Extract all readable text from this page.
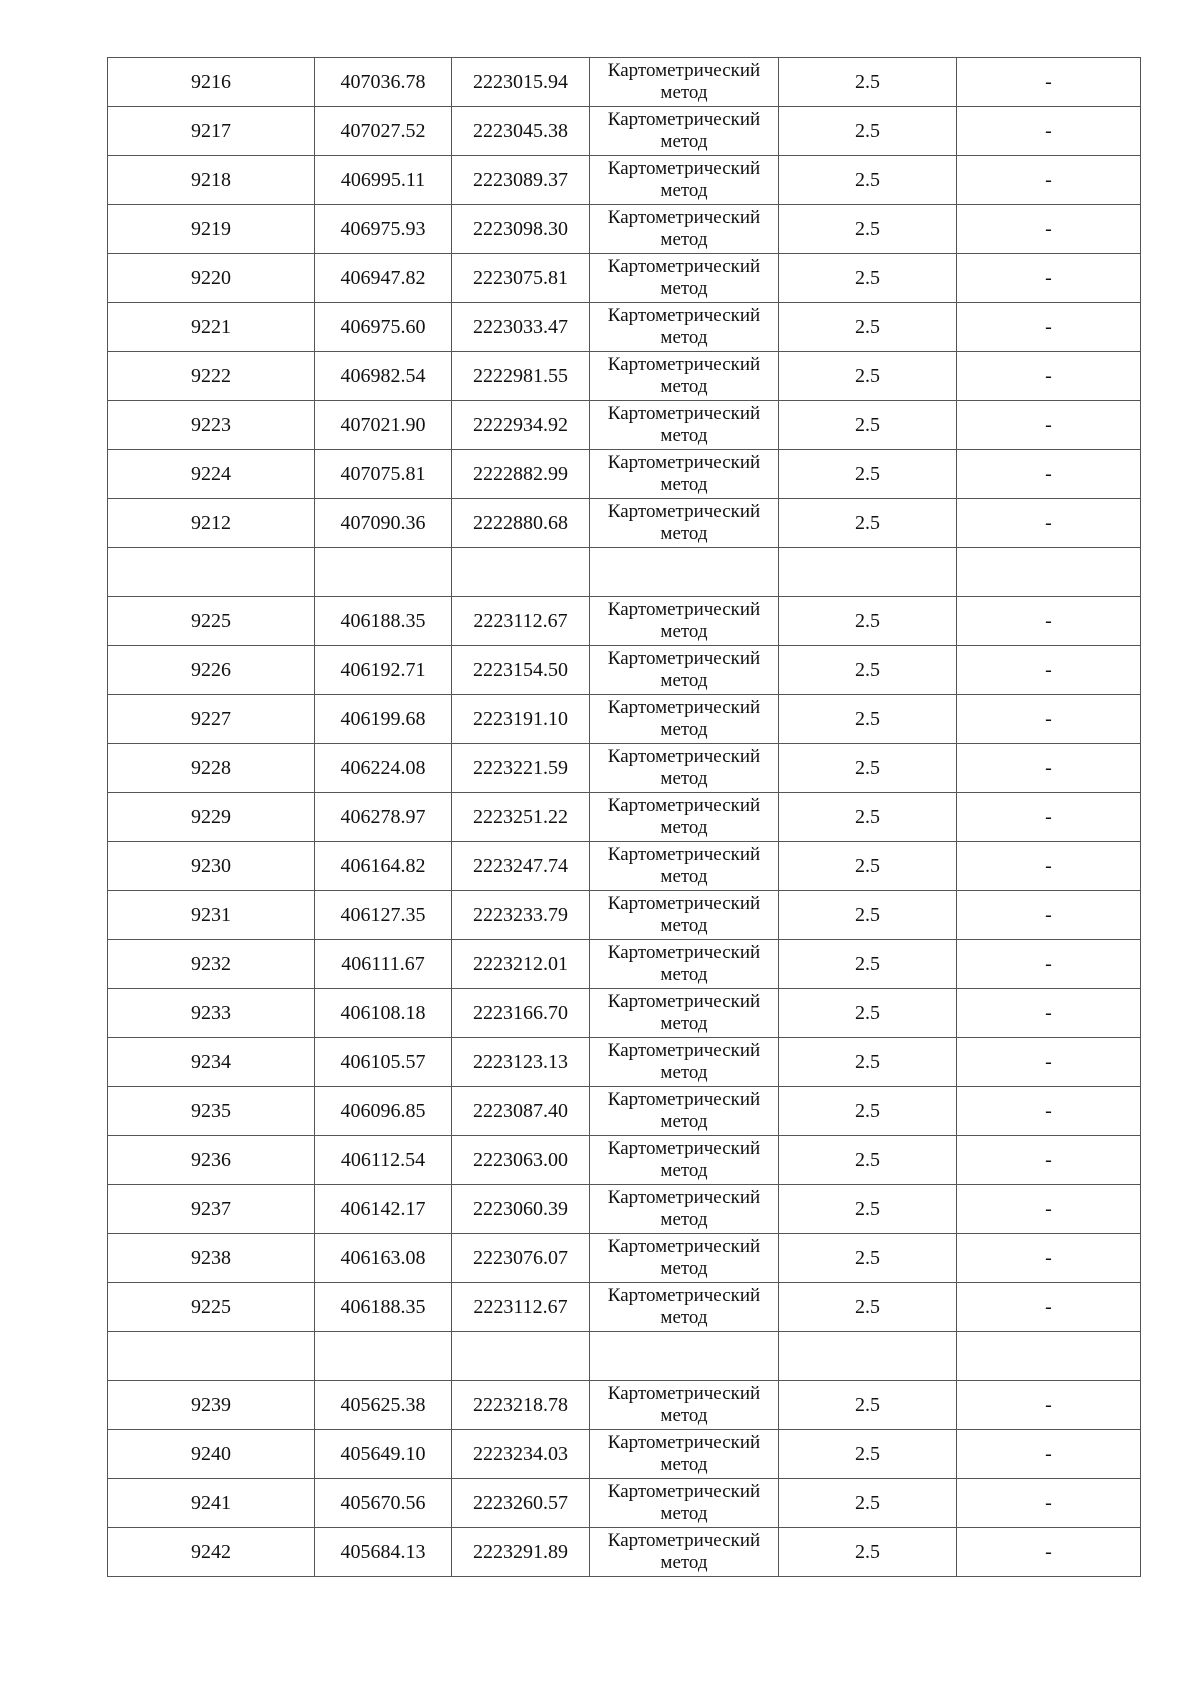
9216	407036.78	2223015.94	Картометрический метод	2.5	-
9217	407027.52	2223045.38	Картометрический метод	2.5	-
9218	406995.11	2223089.37	Картометрический метод	2.5	-
9219	406975.93	2223098.30	Картометрический метод	2.5	-
9220	406947.82	2223075.81	Картометрический метод	2.5	-
9221	406975.60	2223033.47	Картометрический метод	2.5	-
9222	406982.54	2222981.55	Картометрический метод	2.5	-
9223	407021.90	2222934.92	Картометрический метод	2.5	-
9224	407075.81	2222882.99	Картометрический метод	2.5	-
9212	407090.36	2222880.68	Картометрический метод	2.5	-

9225	406188.35	2223112.67	Картометрический метод	2.5	-
9226	406192.71	2223154.50	Картометрический метод	2.5	-
9227	406199.68	2223191.10	Картометрический метод	2.5	-
9228	406224.08	2223221.59	Картометрический метод	2.5	-
9229	406278.97	2223251.22	Картометрический метод	2.5	-
9230	406164.82	2223247.74	Картометрический метод	2.5	-
9231	406127.35	2223233.79	Картометрический метод	2.5	-
9232	406111.67	2223212.01	Картометрический метод	2.5	-
9233	406108.18	2223166.70	Картометрический метод	2.5	-
9234	406105.57	2223123.13	Картометрический метод	2.5	-
9235	406096.85	2223087.40	Картометрический метод	2.5	-
9236	406112.54	2223063.00	Картометрический метод	2.5	-
9237	406142.17	2223060.39	Картометрический метод	2.5	-
9238	406163.08	2223076.07	Картометрический метод	2.5	-
9225	406188.35	2223112.67	Картометрический метод	2.5	-

9239	405625.38	2223218.78	Картометрический метод	2.5	-
9240	405649.10	2223234.03	Картометрический метод	2.5	-
9241	405670.56	2223260.57	Картометрический метод	2.5	-
9242	405684.13	2223291.89	Картометрический метод	2.5	-
